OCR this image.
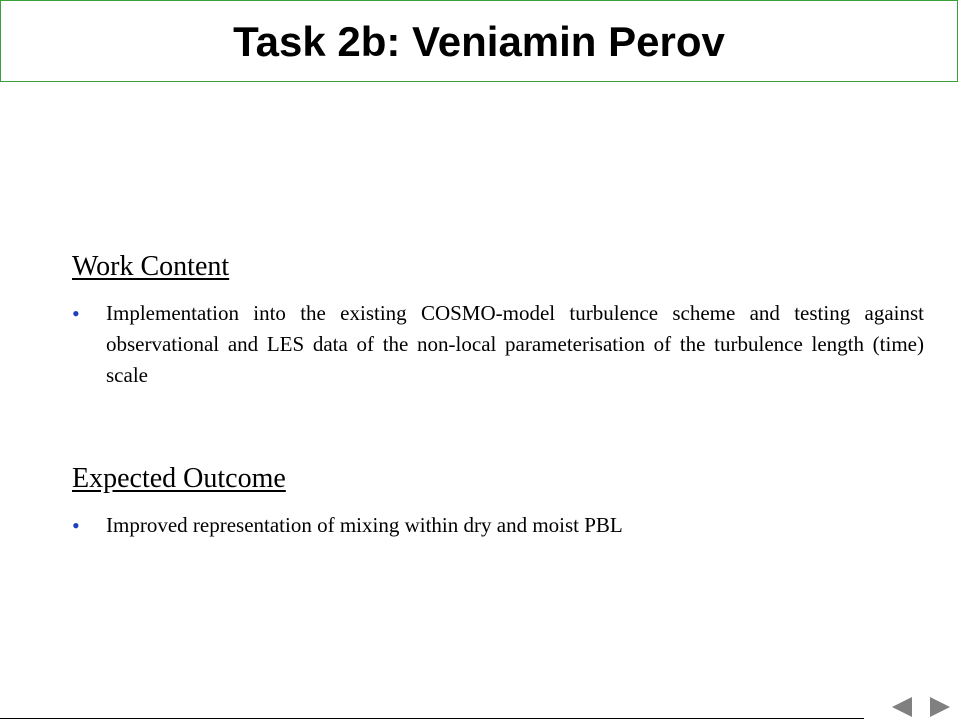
Task 2b: Veniamin Perov
Work Content
•	Implementation into the existing COSMO-model turbulence scheme and testing against observational and LES data of the non-local parameterisation of the turbulence length (time) scale
Expected Outcome
•	Improved representation of mixing within dry and moist PBL
